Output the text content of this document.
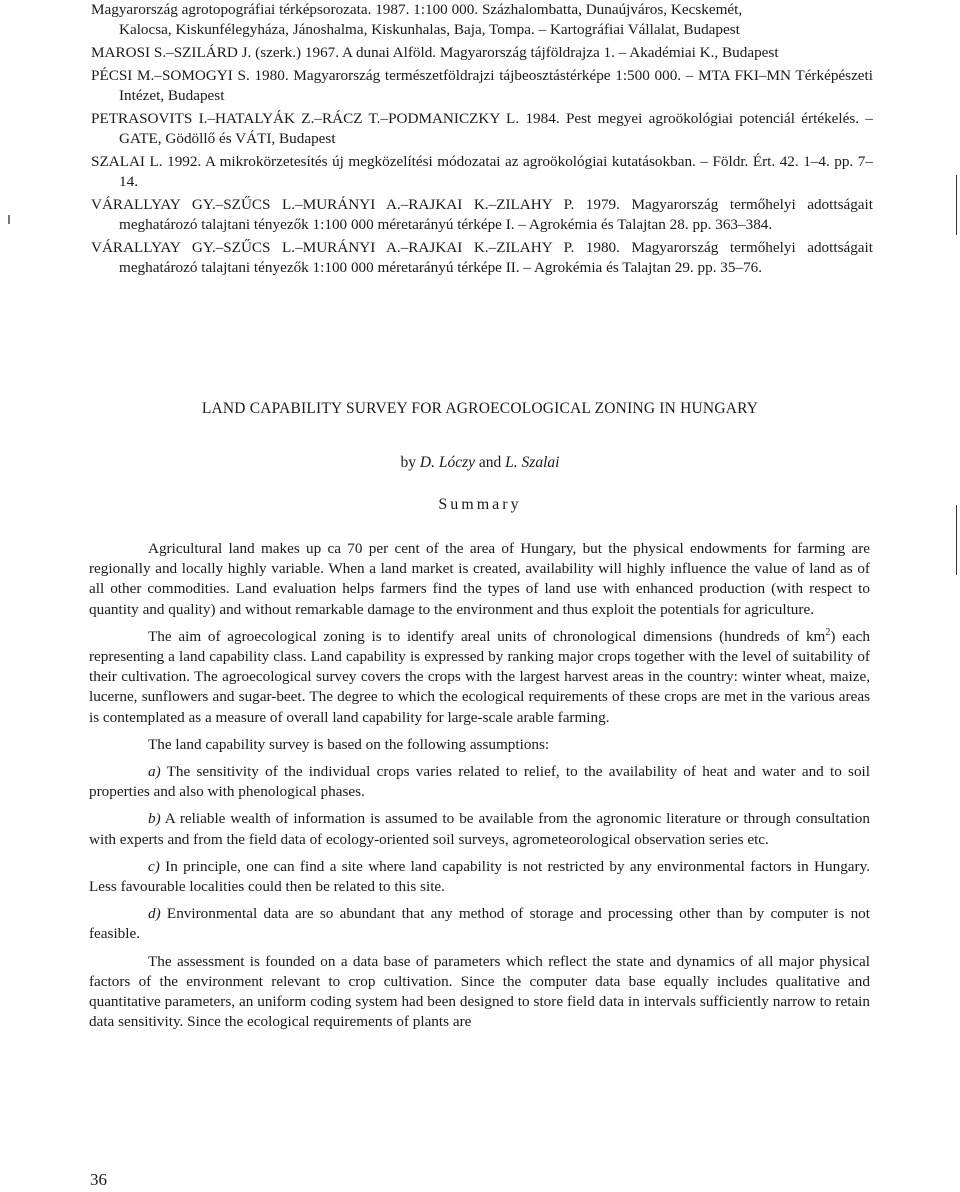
Magyarország agrotopográfiai térképsorozata. 1987. 1:100 000. Százhalombatta, Dunaújváros, Kecskemét,
Kalocsa, Kiskunfélegyháza, Jánoshalma, Kiskunhalas, Baja, Tompa. – Kartográfiai Vállalat, Budapest
MAROSI S.–SZILÁRD J. (szerk.) 1967. A dunai Alföld. Magyarország tájföldrajza 1. – Akadémiai K., Budapest
PÉCSI M.–SOMOGYI S. 1980. Magyarország természetföldrajzi tájbeosztástérképe 1:500 000. – MTA FKI–MN Térképészeti Intézet, Budapest
PETRASOVITS I.–HATALYÁK Z.–RÁCZ T.–PODMANICZKY L. 1984. Pest megyei agroökológiai potenciál értékelés. – GATE, Gödöllő és VÁTI, Budapest
SZALAI L. 1992. A mikrokörzetesítés új megközelítési módozatai az agroökológiai kutatásokban. – Földr. Ért. 42. 1–4. pp. 7–14.
VÁRALLYAY GY.–SZŰCS L.–MURÁNYI A.–RAJKAI K.–ZILAHY P. 1979. Magyarország termőhelyi adottságait meghatározó talajtani tényezők 1:100 000 méretarányú térképe I. – Agrokémia és Talajtan 28. pp. 363–384.
VÁRALLYAY GY.–SZŰCS L.–MURÁNYI A.–RAJKAI K.–ZILAHY P. 1980. Magyarország termőhelyi adottságait meghatározó talajtani tényezők 1:100 000 méretarányú térképe II. – Agrokémia és Talajtan 29. pp. 35–76.
LAND CAPABILITY SURVEY FOR AGROECOLOGICAL ZONING IN HUNGARY
by D. Lóczy and L. Szalai
Summary

Agricultural land makes up ca 70 per cent of the area of Hungary, but the physical endowments for farming are regionally and locally highly variable. When a land market is created, availability will highly influence the value of land as of all other commodities. Land evaluation helps farmers find the types of land use with enhanced production (with respect to quantity and quality) and without remarkable damage to the environment and thus exploit the potentials for agriculture.

The aim of agroecological zoning is to identify areal units of chronological dimensions (hundreds of $km^2$) each representing a land capability class. Land capability is expressed by ranking major crops together with the level of suitability of their cultivation. The agroecological survey covers the crops with the largest harvest areas in the country: winter wheat, maize, lucerne, sunflowers and sugar-beet. The degree to which the ecological requirements of these crops are met in the various areas is contemplated as a measure of overall land capability for large-scale arable farming.

The land capability survey is based on the following assumptions:

a) The sensitivity of the individual crops varies related to relief, to the availability of heat and water and to soil properties and also with phenological phases.

b) A reliable wealth of information is assumed to be available from the agronomic literature or through consultation with experts and from the field data of ecology-oriented soil surveys, agrometeorological observation series etc.

c) In principle, one can find a site where land capability is not restricted by any environmental factors in Hungary. Less favourable localities could then be related to this site.

d) Environmental data are so abundant that any method of storage and processing other than by computer is not feasible.

The assessment is founded on a data base of parameters which reflect the state and dynamics of all major physical factors of the environment relevant to crop cultivation. Since the computer data base equally includes qualitative and quantitative parameters, an uniform coding system had been designed to store field data in intervals sufficiently narrow to retain data sensitivity. Since the ecological requirements of plants are

36
